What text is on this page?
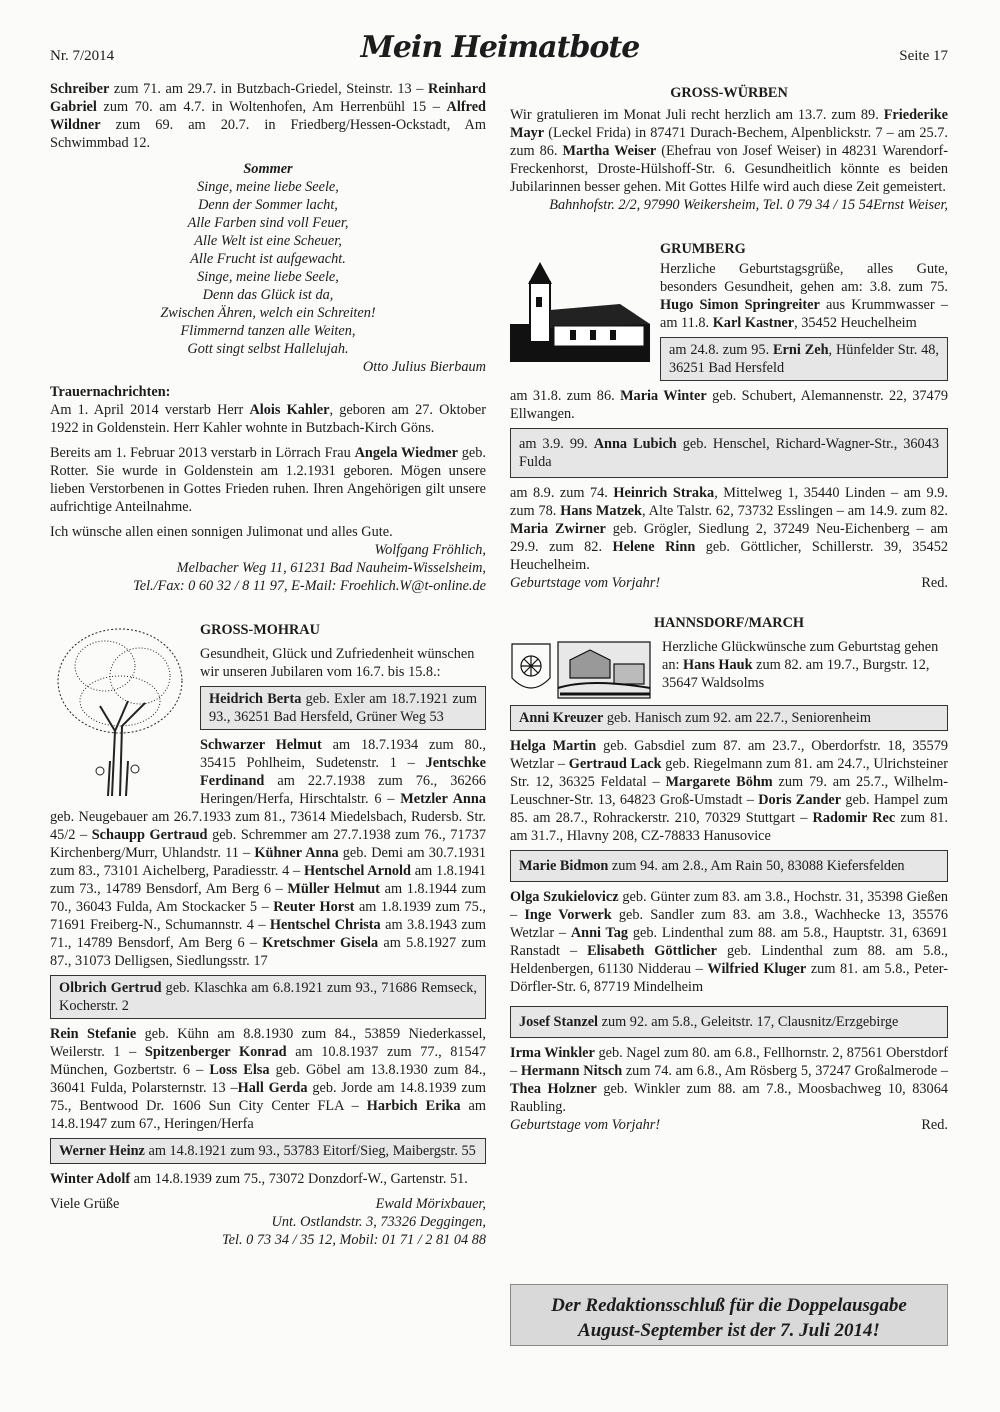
Nr. 7/2014	Mein Heimatbote	Seite 17

Schreiber zum 71. am 29.7. in Butzbach-Griedel, Steinstr. 13 – Reinhard Gabriel zum 70. am 4.7. in Woltenhofen, Am Herrenbühl 15 – Alfred Wildner zum 69. am 20.7. in Friedberg/Hessen-Ockstadt, Am Schwimmbad 12.

Sommer
Singe, meine liebe Seele,
Denn der Sommer lacht,
Alle Farben sind voll Feuer,
Alle Welt ist eine Scheuer,
Alle Frucht ist aufgewacht.
Singe, meine liebe Seele,
Denn das Glück ist da,
Zwischen Ähren, welch ein Schreiten!
Flimmernd tanzen alle Weiten,
Gott singt selbst Hallelujah.
Otto Julius Bierbaum

Trauernachrichten:

Am 1. April 2014 verstarb Herr Alois Kahler, geboren am 27. Oktober 1922 in Goldenstein. Herr Kahler wohnte in Butzbach-Kirch Göns.

Bereits am 1. Februar 2013 verstarb in Lörrach Frau Angela Wiedmer geb. Rotter. Sie wurde in Goldenstein am 1.2.1931 geboren. Mögen unsere lieben Verstorbenen in Gottes Frieden ruhen. Ihren Angehörigen gilt unsere aufrichtige Anteilnahme.

Ich wünsche allen einen sonnigen Julimonat und alles Gute.

Wolfgang Fröhlich,
Melbacher Weg 11, 61231 Bad Nauheim-Wisselsheim,
Tel./Fax: 0 60 32 / 8 11 97, E-Mail: Froehlich.W@t-online.de

GROSS-MOHRAU

Gesundheit, Glück und Zufriedenheit wünschen wir unseren Jubilaren vom 16.7. bis 15.8.:

Heidrich Berta geb. Exler am 18.7.1921 zum 93., 36251 Bad Hersfeld, Grüner Weg 53

Schwarzer Helmut am 18.7.1934 zum 80., 35415 Pohlheim, Sudetenstr. 1 – Jentschke Ferdinand am 22.7.1938 zum 76., 36266 Heringen/Herfa, Hirschtalstr. 6 – Metzler Anna geb. Neugebauer am 26.7.1933 zum 81., 73614 Miedelsbach, Rudersb. Str. 45/2 – Schaupp Gertraud geb. Schremmer am 27.7.1938 zum 76., 71737 Kirchenberg/Murr, Uhlandstr. 11 – Kühner Anna geb. Demi am 30.7.1931 zum 83., 73101 Aichelberg, Paradiesstr. 4 – Hentschel Arnold am 1.8.1941 zum 73., 14789 Bensdorf, Am Berg 6 – Müller Helmut am 1.8.1944 zum 70., 36043 Fulda, Am Stockacker 5 – Reuter Horst am 1.8.1939 zum 75., 71691 Freiberg-N., Schumannstr. 4 – Hentschel Christa am 3.8.1943 zum 71., 14789 Bensdorf, Am Berg 6 – Kretschmer Gisela am 5.8.1927 zum 87., 31073 Delligsen, Siedlungsstr. 17

Olbrich Gertrud geb. Klaschka am 6.8.1921 zum 93., 71686 Remseck, Kocherstr. 2

Rein Stefanie geb. Kühn am 8.8.1930 zum 84., 53859 Niederkassel, Weilerstr. 1 – Spitzenberger Konrad am 10.8.1937 zum 77., 81547 München, Gozbertstr. 6 – Loss Elsa geb. Göbel am 13.8.1930 zum 84., 36041 Fulda, Polarsternstr. 13 –Hall Gerda geb. Jorde am 14.8.1939 zum 75., Bentwood Dr. 1606 Sun City Center FLA – Harbich Erika am 14.8.1947 zum 67., Heringen/Herfa

Werner Heinz am 14.8.1921 zum 93., 53783 Eitorf/Sieg, Maibergstr. 55

Winter Adolf am 14.8.1939 zum 75., 73072 Donzdorf-W., Gartenstr. 51.

Viele Grüße	Ewald Mörixbauer,
Unt. Ostlandstr. 3, 73326 Deggingen,
Tel. 0 73 34 / 35 12, Mobil: 01 71 / 2 81 04 88

GROSS-WÜRBEN

Wir gratulieren im Monat Juli recht herzlich am 13.7. zum 89. Friederike Mayr (Leckel Frida) in 87471 Durach-Bechem, Alpenblickstr. 7 – am 25.7. zum 86. Martha Weiser (Ehefrau von Josef Weiser) in 48231 Warendorf-Freckenhorst, Droste-Hülshoff-Str. 6. Gesundheitlich könnte es beiden Jubilarinnen besser gehen. Mit Gottes Hilfe wird auch diese Zeit gemeistert.
Ernst Weiser,

Bahnhofstr. 2/2, 97990 Weikersheim, Tel. 0 79 34 / 15 54

GRUMBERG

Herzliche Geburtstagsgrüße, alles Gute, besonders Gesundheit, gehen am: 3.8. zum 75. Hugo Simon Springreiter aus Krummwasser – am 11.8. Karl Kastner, 35452 Heuchelheim

am 24.8. zum 95. Erni Zeh, Hünfelder Str. 48, 36251 Bad Hersfeld

am 31.8. zum 86. Maria Winter geb. Schubert, Alemannenstr. 22, 37479 Ellwangen.

am 3.9. 99. Anna Lubich geb. Henschel, Richard-Wagner-Str., 36043 Fulda

am 8.9. zum 74. Heinrich Straka, Mittelweg 1, 35440 Linden – am 9.9. zum 78. Hans Matzek, Alte Talstr. 62, 73732 Esslingen – am 14.9. zum 82. Maria Zwirner geb. Grögler, Siedlung 2, 37249 Neu-Eichenberg – am 29.9. zum 82. Helene Rinn geb. Göttlicher, Schillerstr. 39, 35452 Heuchelheim.

Geburtstage vom Vorjahr!	Red.

HANNSDORF/MARCH

Herzliche Glückwünsche zum Geburtstag gehen an: Hans Hauk zum 82. am 19.7., Burgstr. 12, 35647 Waldsolms

Anni Kreuzer geb. Hanisch zum 92. am 22.7., Seniorenheim

Helga Martin geb. Gabsdiel zum 87. am 23.7., Oberdorfstr. 18, 35579 Wetzlar – Gertraud Lack geb. Riegelmann zum 81. am 24.7., Ulrichsteiner Str. 12, 36325 Feldatal – Margarete Böhm zum 79. am 25.7., Wilhelm-Leuschner-Str. 13, 64823 Groß-Umstadt – Doris Zander geb. Hampel zum 85. am 28.7., Rohrackerstr. 210, 70329 Stuttgart – Radomir Rec zum 81. am 31.7., Hlavny 208, CZ-78833 Hanusovice

Marie Bidmon zum 94. am 2.8., Am Rain 50, 83088 Kiefersfelden

Olga Szukielovicz geb. Günter zum 83. am 3.8., Hochstr. 31, 35398 Gießen – Inge Vorwerk geb. Sandler zum 83. am 3.8., Wachhecke 13, 35576 Wetzlar – Anni Tag geb. Lindenthal zum 88. am 5.8., Hauptstr. 31, 63691 Ranstadt – Elisabeth Göttlicher geb. Lindenthal zum 88. am 5.8., Heldenbergen, 61130 Nidderau – Wilfried Kluger zum 81. am 5.8., Peter-Dörfler-Str. 6, 87719 Mindelheim

Josef Stanzel zum 92. am 5.8., Geleitstr. 17, Clausnitz/Erzgebirge

Irma Winkler geb. Nagel zum 80. am 6.8., Fellhornstr. 2, 87561 Oberstdorf – Hermann Nitsch zum 74. am 6.8., Am Rösberg 5, 37247 Großalmerode – Thea Holzner geb. Winkler zum 88. am 7.8., Moosbachweg 10, 83064 Raubling.

Geburtstage vom Vorjahr!	Red.
Der Redaktionsschluß für die Doppelausgabe
August-September ist der 7. Juli 2014!
